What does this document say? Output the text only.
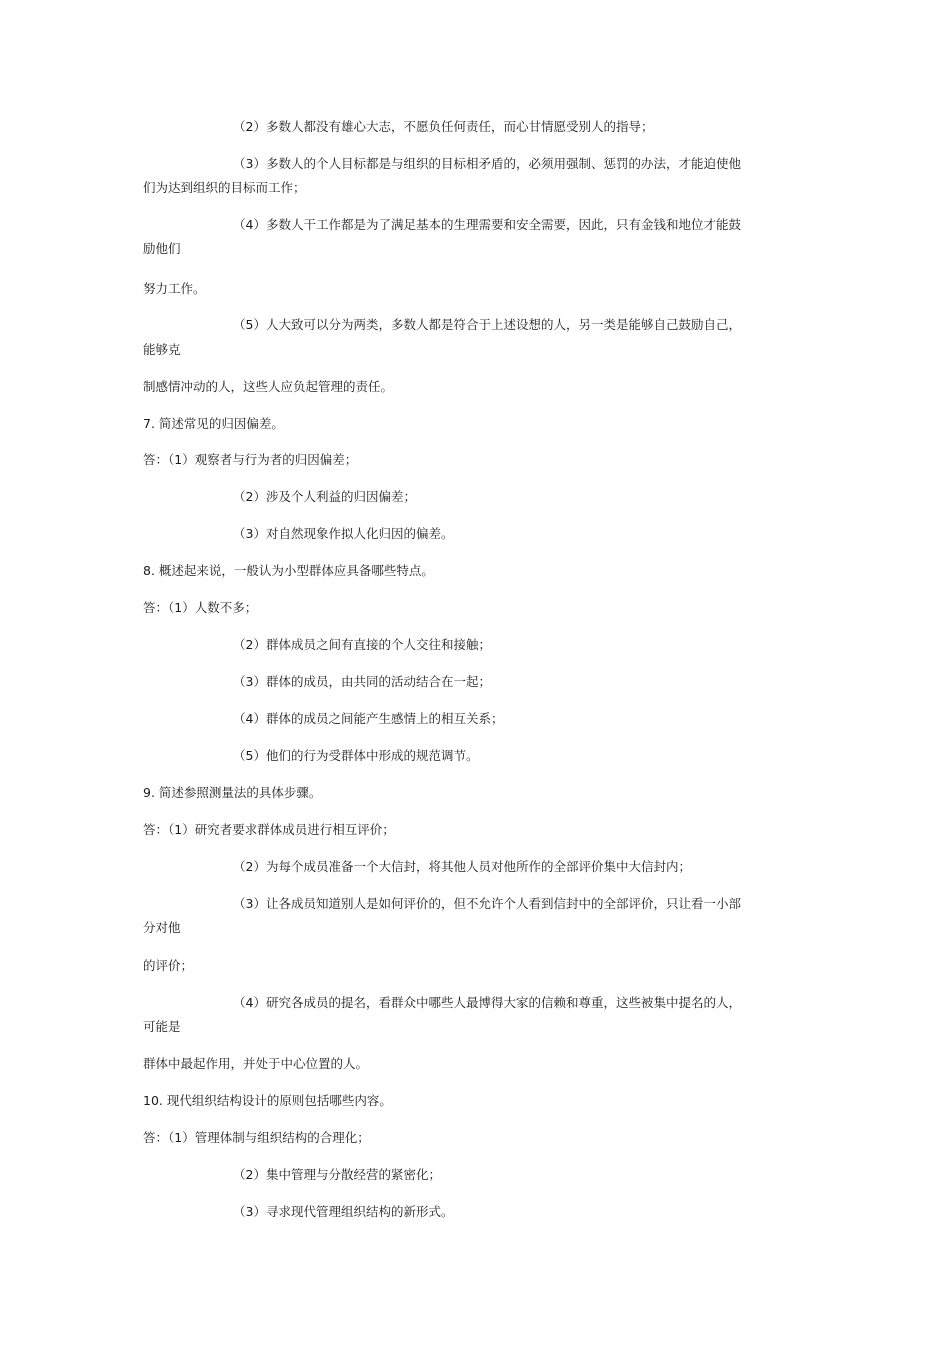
（2）多数人都没有雄心大志，不愿负任何责任，而心甘情愿受别人的指导；
（3）多数人的个人目标都是与组织的目标相矛盾的，必须用强制、惩罚的办法，才能迫使他
们为达到组织的目标而工作；
（4）多数人干工作都是为了满足基本的生理需要和安全需要，因此，只有金钱和地位才能鼓
励他们
努力工作。
（5）人大致可以分为两类，多数人都是符合于上述设想的人，另一类是能够自己鼓励自己，
能够克
制感情冲动的人，这些人应负起管理的责任。
7. 简述常见的归因偏差。
答：（1）观察者与行为者的归因偏差；
（2）涉及个人利益的归因偏差；
（3）对自然现象作拟人化归因的偏差。
8. 概述起来说，一般认为小型群体应具备哪些特点。
答：（1）人数不多；
（2）群体成员之间有直接的个人交往和接触；
（3）群体的成员，由共同的活动结合在一起；
（4）群体的成员之间能产生感情上的相互关系；
（5）他们的行为受群体中形成的规范调节。
9. 简述参照测量法的具体步骤。
答：（1）研究者要求群体成员进行相互评价；
（2）为每个成员准备一个大信封，将其他人员对他所作的全部评价集中大信封内；
（3）让各成员知道别人是如何评价的，但不允许个人看到信封中的全部评价，只让看一小部
分对他
的评价；
（4）研究各成员的提名，看群众中哪些人最博得大家的信赖和尊重，这些被集中提名的人，
可能是
群体中最起作用，并处于中心位置的人。
10. 现代组织结构设计的原则包括哪些内容。
答：（1）管理体制与组织结构的合理化；
（2）集中管理与分散经营的紧密化；
（3）寻求现代管理组织结构的新形式。
